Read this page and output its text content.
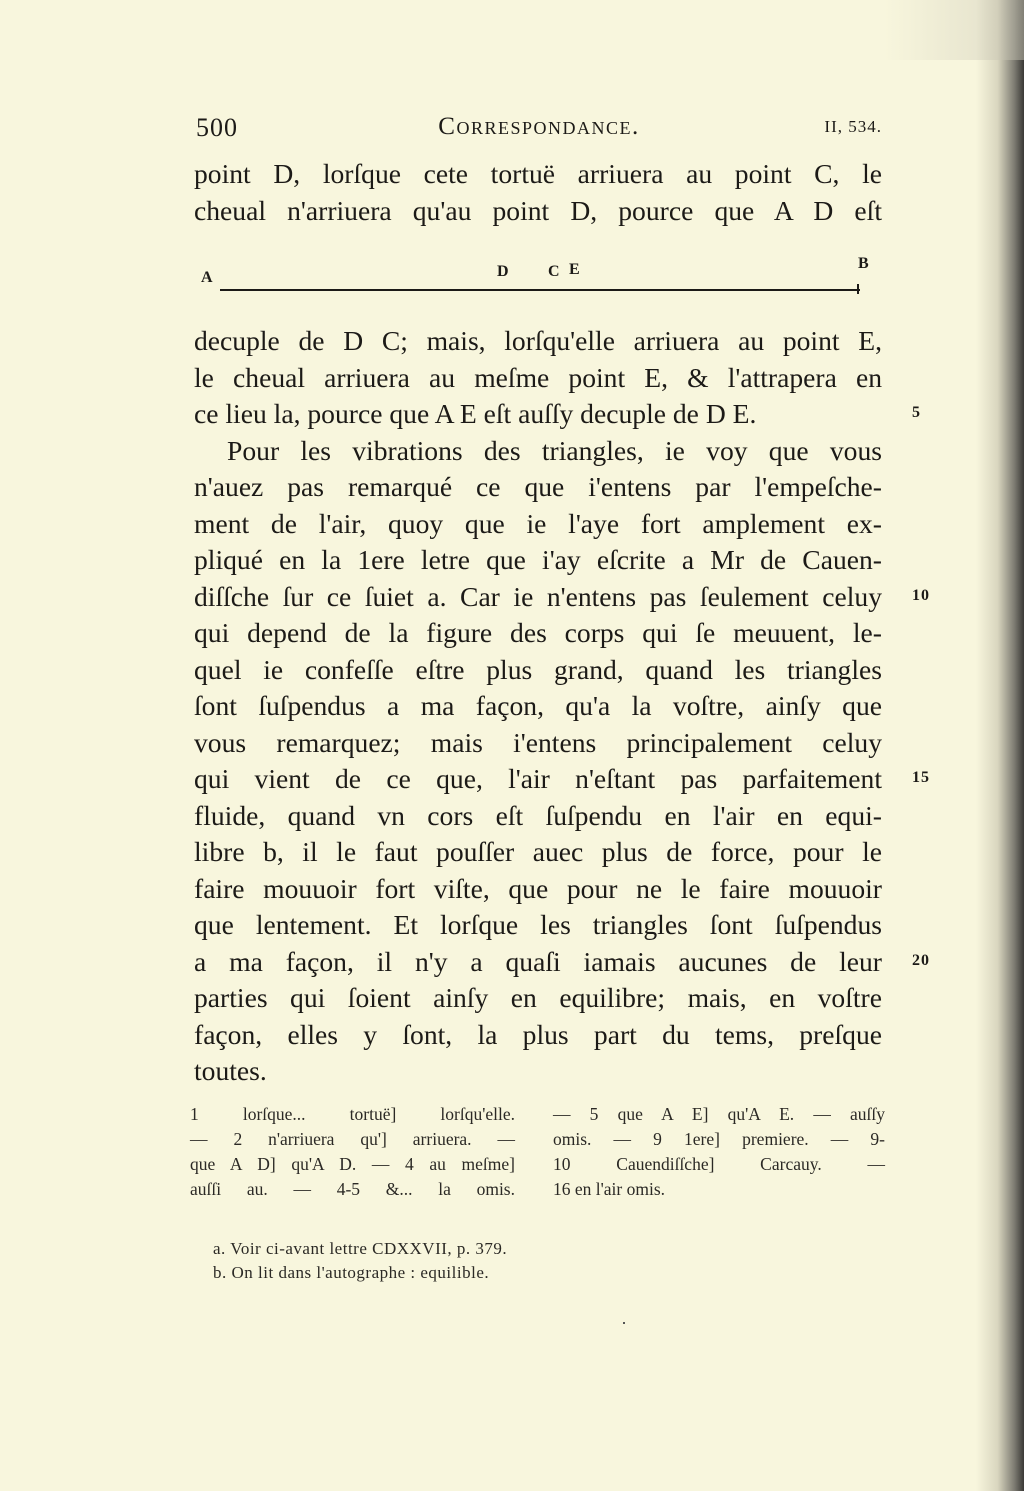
500	Correspondance.	II, 534.
point D, lorſque cete tortuë arriuera au point C, le
cheual n'arriuera qu'au point D, pource que A D eſt
A	D C E	B
decuple de D C; mais, lorſqu'elle arriuera au point E,
le cheual arriuera au meſme point E, & l'attrapera en
ce lieu la, pource que A E eſt auſſy decuple de D E.
Pour les vibrations des triangles, ie voy que vous
n'auez pas remarqué ce que i'entens par l'empeſche-
ment de l'air, quoy que ie l'aye fort amplement ex-
pliqué en la 1ere letre que i'ay eſcrite a Mr de Cauen-
diſſche ſur ce ſuiet a. Car ie n'entens pas ſeulement celuy
qui depend de la figure des corps qui ſe meuuent, le-
quel ie confeſſe eſtre plus grand, quand les triangles
ſont ſuſpendus a ma façon, qu'a la voſtre, ainſy que
vous remarquez; mais i'entens principalement celuy
qui vient de ce que, l'air n'eſtant pas parfaitement
fluide, quand vn cors eſt ſuſpendu en l'air en equi-
libre b, il le faut pouſſer auec plus de force, pour le
faire mouuoir fort viſte, que pour ne le faire mouuoir
que lentement. Et lorſque les triangles ſont ſuſpendus
a ma façon, il n'y a quaſi iamais aucunes de leur
parties qui ſoient ainſy en equilibre; mais, en voſtre
façon, elles y ſont, la plus part du tems, preſque
toutes.
5
10
15
20
1 lorſque... tortuë] lorſqu'elle.
— 2 n'arriuera qu'] arriuera. —
que A D] qu'A D. — 4 au meſme]
auſſi au. — 4-5 &... la omis.
— 5 que A E] qu'A E. — auſſy
omis. — 9 1ere] premiere. — 9-
10 Cauendiſſche] Carcauy. —
16 en l'air omis.
a. Voir ci-avant lettre CDXXVII, p. 379.
b. On lit dans l'autographe : equilible.
